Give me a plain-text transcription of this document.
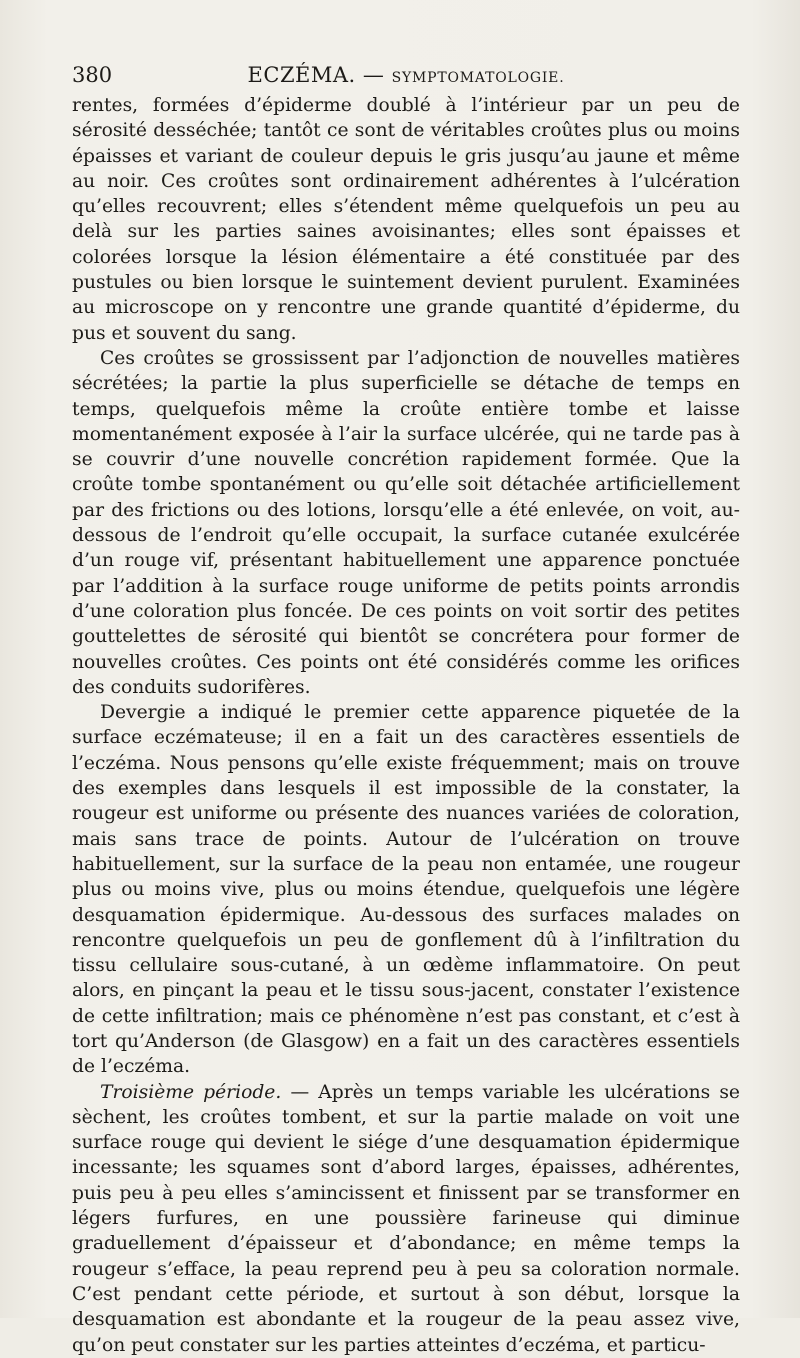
380	ECZÉMA. — SYMPTOMATOLOGIE.

rentes, formées d’épiderme doublé à l’intérieur par un peu de sérosité desséchée; tantôt ce sont de véritables croûtes plus ou moins épaisses et variant de couleur depuis le gris jusqu’au jaune et même au noir. Ces croûtes sont ordinairement adhérentes à l’ulcération qu’elles recouvrent; elles s’étendent même quelquefois un peu au delà sur les parties saines avoisinantes; elles sont épaisses et colorées lorsque la lésion élémentaire a été constituée par des pustules ou bien lorsque le suintement devient purulent. Examinées au microscope on y rencontre une grande quantité d’épiderme, du pus et souvent du sang.

Ces croûtes se grossissent par l’adjonction de nouvelles matières sécrétées; la partie la plus superficielle se détache de temps en temps, quelquefois même la croûte entière tombe et laisse momentanément exposée à l’air la surface ulcérée, qui ne tarde pas à se couvrir d’une nouvelle concrétion rapidement formée. Que la croûte tombe spontanément ou qu’elle soit détachée artificiellement par des frictions ou des lotions, lorsqu’elle a été enlevée, on voit, au-dessous de l’endroit qu’elle occupait, la surface cutanée exulcérée d’un rouge vif, présentant habituellement une apparence ponctuée par l’addition à la surface rouge uniforme de petits points arrondis d’une coloration plus foncée. De ces points on voit sortir des petites gouttelettes de sérosité qui bientôt se concrétera pour former de nouvelles croûtes. Ces points ont été considérés comme les orifices des conduits sudorifères.

Devergie a indiqué le premier cette apparence piquetée de la surface eczémateuse; il en a fait un des caractères essentiels de l’eczéma. Nous pensons qu’elle existe fréquemment; mais on trouve des exemples dans lesquels il est impossible de la constater, la rougeur est uniforme ou présente des nuances variées de coloration, mais sans trace de points. Autour de l’ulcération on trouve habituellement, sur la surface de la peau non entamée, une rougeur plus ou moins vive, plus ou moins étendue, quelquefois une légère desquamation épidermique. Au-dessous des surfaces malades on rencontre quelquefois un peu de gonflement dû à l’infiltration du tissu cellulaire sous-cutané, à un œdème inflammatoire. On peut alors, en pinçant la peau et le tissu sous-jacent, constater l’existence de cette infiltration; mais ce phénomène n’est pas constant, et c’est à tort qu’Anderson (de Glasgow) en a fait un des caractères essentiels de l’eczéma.

Troisième période. — Après un temps variable les ulcérations se sèchent, les croûtes tombent, et sur la partie malade on voit une surface rouge qui devient le siége d’une desquamation épidermique incessante; les squames sont d’abord larges, épaisses, adhérentes, puis peu à peu elles s’amincissent et finissent par se transformer en légers furfures, en une poussière farineuse qui diminue graduellement d’épaisseur et d’abondance; en même temps la rougeur s’efface, la peau reprend peu à peu sa coloration normale. C’est pendant cette période, et surtout à son début, lorsque la desquamation est abondante et la rougeur de la peau assez vive, qu’on peut constater sur les parties atteintes d’eczéma, et particu-
